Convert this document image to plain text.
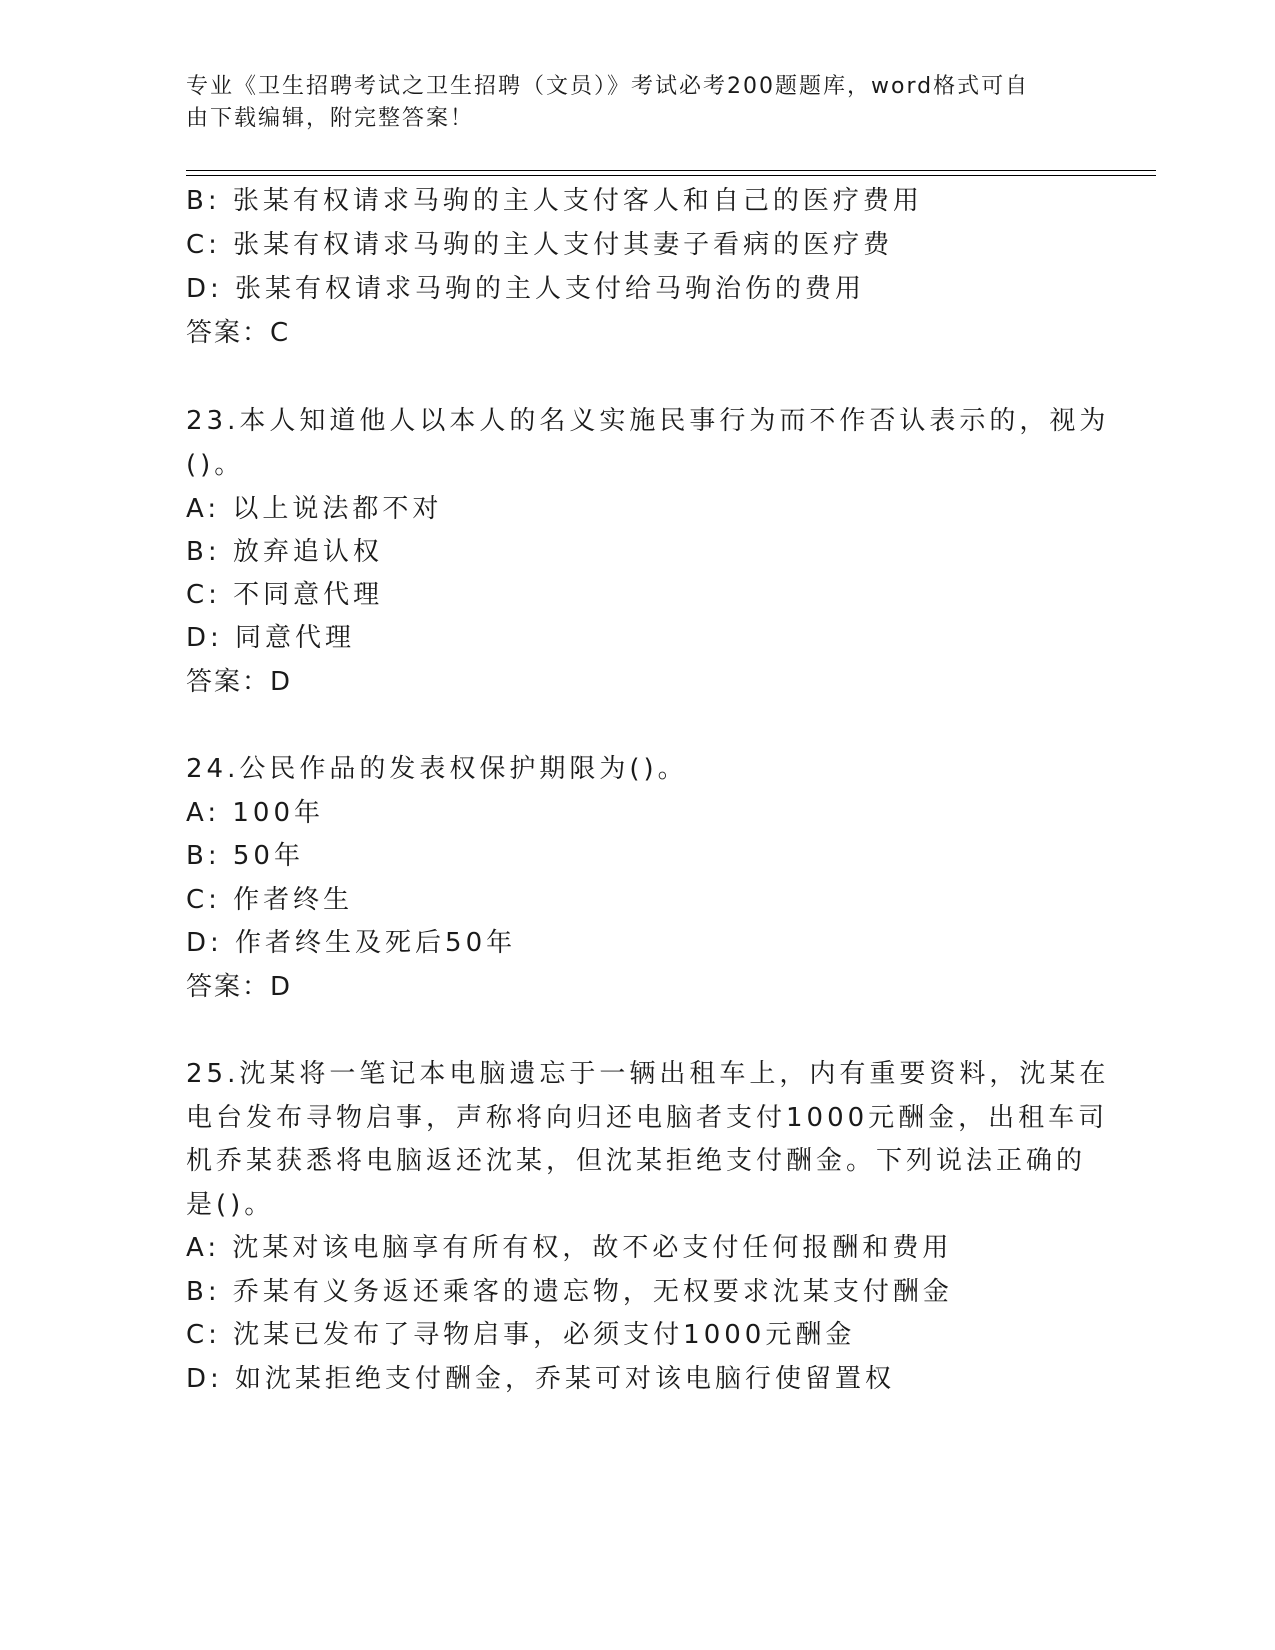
专业《卫生招聘考试之卫生招聘（文员）》考试必考200题题库，word格式可自
由下载编辑，附完整答案！
B: 张某有权请求马驹的主人支付客人和自己的医疗费用
C: 张某有权请求马驹的主人支付其妻子看病的医疗费
D: 张某有权请求马驹的主人支付给马驹治伤的费用
答案：C
23.本人知道他人以本人的名义实施民事行为而不作否认表示的，视为
()。
A: 以上说法都不对
B: 放弃追认权
C: 不同意代理
D: 同意代理
答案：D
24.公民作品的发表权保护期限为()。
A: 100年
B: 50年
C: 作者终生
D: 作者终生及死后50年
答案：D
25.沈某将一笔记本电脑遗忘于一辆出租车上，内有重要资料，沈某在
电台发布寻物启事，声称将向归还电脑者支付1000元酬金，出租车司
机乔某获悉将电脑返还沈某，但沈某拒绝支付酬金。下列说法正确的
是()。
A: 沈某对该电脑享有所有权，故不必支付任何报酬和费用
B: 乔某有义务返还乘客的遗忘物，无权要求沈某支付酬金
C: 沈某已发布了寻物启事，必须支付1000元酬金
D: 如沈某拒绝支付酬金，乔某可对该电脑行使留置权
